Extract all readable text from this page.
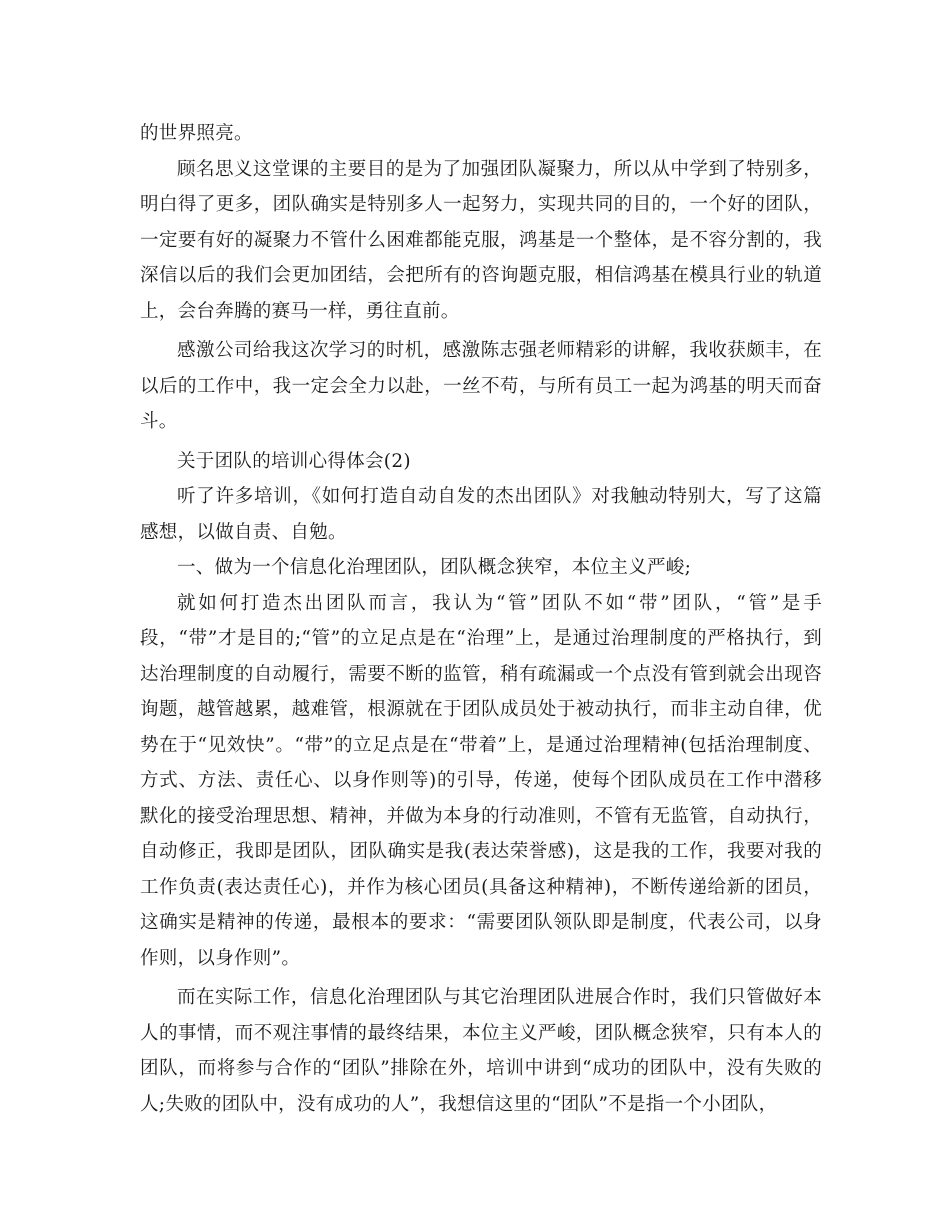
的世界照亮。

顾名思义这堂课的主要目的是为了加强团队凝聚力，所以从中学到了特别多，明白得了更多，团队确实是特别多人一起努力，实现共同的目的，一个好的团队，一定要有好的凝聚力不管什么困难都能克服，鸿基是一个整体，是不容分割的，我深信以后的我们会更加团结，会把所有的咨询题克服，相信鸿基在模具行业的轨道上，会台奔腾的赛马一样，勇往直前。

感激公司给我这次学习的时机，感激陈志强老师精彩的讲解，我收获颇丰，在以后的工作中，我一定会全力以赴，一丝不苟，与所有员工一起为鸿基的明天而奋斗。

关于团队的培训心得体会(2)

听了许多培训，《如何打造自动自发的杰出团队》对我触动特别大，写了这篇感想，以做自责、自勉。

一、做为一个信息化治理团队，团队概念狭窄，本位主义严峻;

就如何打造杰出团队而言，我认为“管”团队不如“带”团队，“管”是手段，“带”才是目的;“管”的立足点是在“治理”上，是通过治理制度的严格执行，到达治理制度的自动履行，需要不断的监管，稍有疏漏或一个点没有管到就会出现咨询题，越管越累，越难管，根源就在于团队成员处于被动执行，而非主动自律，优势在于“见效快”。“带”的立足点是在“带着”上，是通过治理精神(包括治理制度、方式、方法、责任心、以身作则等)的引导，传递，使每个团队成员在工作中潜移默化的接受治理思想、精神，并做为本身的行动准则，不管有无监管，自动执行，自动修正，我即是团队，团队确实是我(表达荣誉感)，这是我的工作，我要对我的工作负责(表达责任心)，并作为核心团员(具备这种精神)，不断传递给新的团员，这确实是精神的传递，最根本的要求：“需要团队领队即是制度，代表公司，以身作则，以身作则”。

而在实际工作，信息化治理团队与其它治理团队进展合作时，我们只管做好本人的事情，而不观注事情的最终结果，本位主义严峻，团队概念狭窄，只有本人的团队，而将参与合作的“团队”排除在外，培训中讲到“成功的团队中，没有失败的人;失败的团队中，没有成功的人”，我想信这里的“团队”不是指一个小团队，
